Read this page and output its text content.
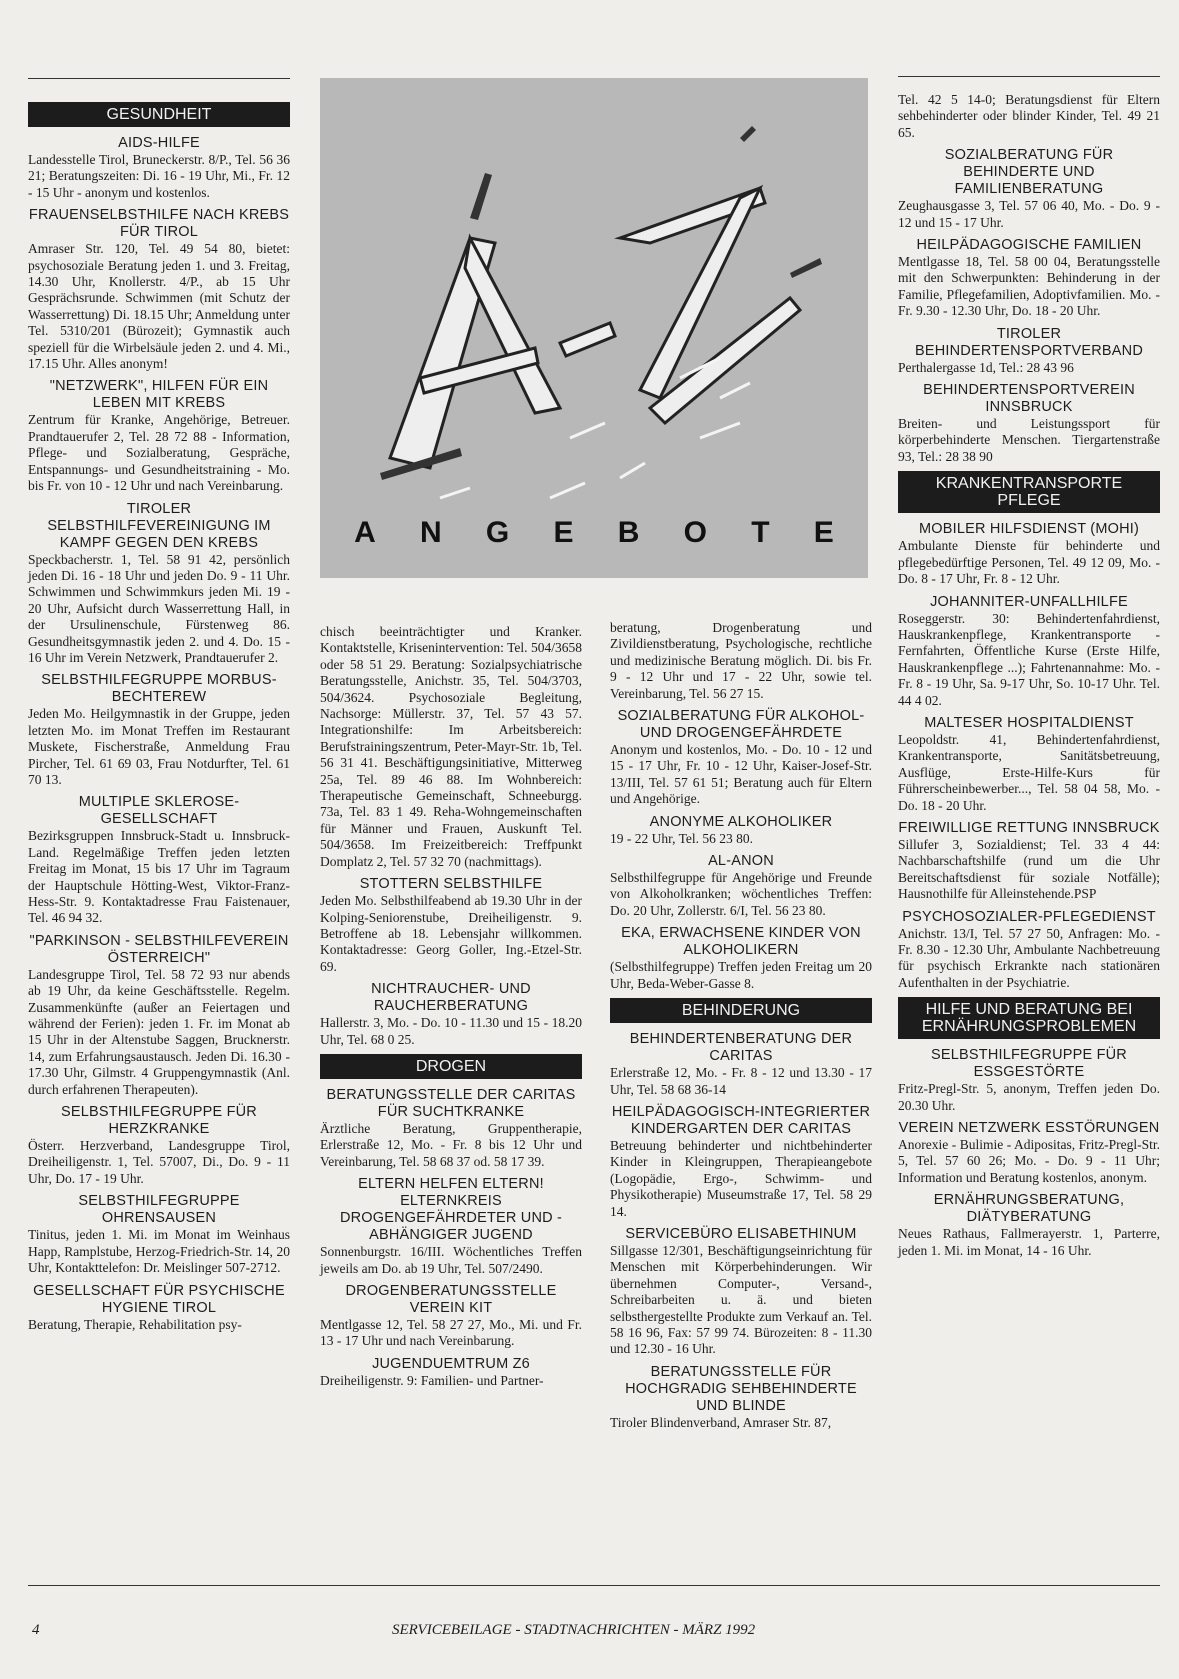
A N G E B O T E
GESUNDHEIT
AIDS-HILFE
Landesstelle Tirol, Bruneckerstr. 8/P., Tel. 56 36 21; Beratungszeiten: Di. 16 - 19 Uhr, Mi., Fr. 12 - 15 Uhr - anonym und kostenlos.
FRAUENSELBSTHILFE NACH KREBS FÜR TIROL
Amraser Str. 120, Tel. 49 54 80, bietet: psychosoziale Beratung jeden 1. und 3. Freitag, 14.30 Uhr, Knollerstr. 4/P., ab 15 Uhr Gesprächsrunde. Schwimmen (mit Schutz der Wasserrettung) Di. 18.15 Uhr; Anmeldung unter Tel. 5310/201 (Bürozeit); Gymnastik auch speziell für die Wirbelsäule jeden 2. und 4. Mi., 17.15 Uhr. Alles anonym!
"NETZWERK", HILFEN FÜR EIN LEBEN MIT KREBS
Zentrum für Kranke, Angehörige, Betreuer. Prandtauerufer 2, Tel. 28 72 88 - Information, Pflege- und Sozialberatung, Gespräche, Entspannungs- und Gesundheitstraining - Mo. bis Fr. von 10 - 12 Uhr und nach Vereinbarung.
TIROLER SELBSTHILFEVEREINIGUNG IM KAMPF GEGEN DEN KREBS
Speckbacherstr. 1, Tel. 58 91 42, persönlich jeden Di. 16 - 18 Uhr und jeden Do. 9 - 11 Uhr. Schwimmen und Schwimmkurs jeden Mi. 19 - 20 Uhr, Aufsicht durch Wasserrettung Hall, in der Ursulinenschule, Fürstenweg 86. Gesundheitsgymnastik jeden 2. und 4. Do. 15 - 16 Uhr im Verein Netzwerk, Prandtauerufer 2.
SELBSTHILFEGRUPPE MORBUS-BECHTEREW
Jeden Mo. Heilgymnastik in der Gruppe, jeden letzten Mo. im Monat Treffen im Restaurant Muskete, Fischerstraße, Anmeldung Frau Pircher, Tel. 61 69 03, Frau Notdurfter, Tel. 61 70 13.
MULTIPLE SKLEROSE-GESELLSCHAFT
Bezirksgruppen Innsbruck-Stadt u. Innsbruck-Land. Regelmäßige Treffen jeden letzten Freitag im Monat, 15 bis 17 Uhr im Tagraum der Hauptschule Hötting-West, Viktor-Franz-Hess-Str. 9. Kontaktadresse Frau Faistenauer, Tel. 46 94 32.
"PARKINSON - SELBSTHILFEVEREIN ÖSTERREICH"
Landesgruppe Tirol, Tel. 58 72 93 nur abends ab 19 Uhr, da keine Geschäftsstelle. Regelm. Zusammenkünfte (außer an Feiertagen und während der Ferien): jeden 1. Fr. im Monat ab 15 Uhr in der Altenstube Saggen, Brucknerstr. 14, zum Erfahrungsaustausch. Jeden Di. 16.30 - 17.30 Uhr, Gilmstr. 4 Gruppengymnastik (Anl. durch erfahrenen Therapeuten).
SELBSTHILFEGRUPPE FÜR HERZKRANKE
Österr. Herzverband, Landesgruppe Tirol, Dreiheiligenstr. 1, Tel. 57007, Di., Do. 9 - 11 Uhr, Do. 17 - 19 Uhr.
SELBSTHILFEGRUPPE OHRENSAUSEN
Tinitus, jeden 1. Mi. im Monat im Weinhaus Happ, Ramplstube, Herzog-Friedrich-Str. 14, 20 Uhr, Kontakttelefon: Dr. Meislinger 507-2712.
GESELLSCHAFT FÜR PSYCHISCHE HYGIENE TIROL
Beratung, Therapie, Rehabilitation psy-
chisch beeinträchtigter und Kranker. Kontaktstelle, Krisenintervention: Tel. 504/3658 oder 58 51 29. Beratung: Sozialpsychiatrische Beratungsstelle, Anichstr. 35, Tel. 504/3703, 504/3624. Psychosoziale Begleitung, Nachsorge: Müllerstr. 37, Tel. 57 43 57. Integrationshilfe: Im Arbeitsbereich: Berufstrainingszentrum, Peter-Mayr-Str. 1b, Tel. 56 31 41. Beschäftigungsinitiative, Mitterweg 25a, Tel. 89 46 88. Im Wohnbereich: Therapeutische Gemeinschaft, Schneeburgg. 73a, Tel. 83 1 49. Reha-Wohngemeinschaften für Männer und Frauen, Auskunft Tel. 504/3658. Im Freizeitbereich: Treffpunkt Domplatz 2, Tel. 57 32 70 (nachmittags).
STOTTERN SELBSTHILFE
Jeden Mo. Selbsthilfeabend ab 19.30 Uhr in der Kolping-Seniorenstube, Dreiheiligenstr. 9. Betroffene ab 18. Lebensjahr willkommen. Kontaktadresse: Georg Goller, Ing.-Etzel-Str. 69.
NICHTRAUCHER- UND RAUCHERBERATUNG
Hallerstr. 3, Mo. - Do. 10 - 11.30 und 15 - 18.20 Uhr, Tel. 68 0 25.
DROGEN
BERATUNGSSTELLE DER CARITAS FÜR SUCHTKRANKE
Ärztliche Beratung, Gruppentherapie, Erlerstraße 12, Mo. - Fr. 8 bis 12 Uhr und Vereinbarung, Tel. 58 68 37 od. 58 17 39.
ELTERN HELFEN ELTERN! ELTERNKREIS DROGENGEFÄHRDETER UND -ABHÄNGIGER JUGEND
Sonnenburgstr. 16/III. Wöchentliches Treffen jeweils am Do. ab 19 Uhr, Tel. 507/2490.
DROGENBERATUNGSSTELLE VEREIN KIT
Mentlgasse 12, Tel. 58 27 27, Mo., Mi. und Fr. 13 - 17 Uhr und nach Vereinbarung.
JUGENDUEMTRUM Z6
Dreiheiligenstr. 9: Familien- und Partner-
beratung, Drogenberatung und Zivildienstberatung, Psychologische, rechtliche und medizinische Beratung möglich. Di. bis Fr. 9 - 12 Uhr und 17 - 22 Uhr, sowie tel. Vereinbarung, Tel. 56 27 15.
SOZIALBERATUNG FÜR ALKOHOL- UND DROGENGEFÄHRDETE
Anonym und kostenlos, Mo. - Do. 10 - 12 und 15 - 17 Uhr, Fr. 10 - 12 Uhr, Kaiser-Josef-Str. 13/III, Tel. 57 61 51; Beratung auch für Eltern und Angehörige.
ANONYME ALKOHOLIKER
19 - 22 Uhr, Tel. 56 23 80.
AL-ANON
Selbsthilfegruppe für Angehörige und Freunde von Alkoholkranken; wöchentliches Treffen: Do. 20 Uhr, Zollerstr. 6/I, Tel. 56 23 80.
EKA, ERWACHSENE KINDER VON ALKOHOLIKERN
(Selbsthilfegruppe) Treffen jeden Freitag um 20 Uhr, Beda-Weber-Gasse 8.
BEHINDERUNG
BEHINDERTENBERATUNG DER CARITAS
Erlerstraße 12, Mo. - Fr. 8 - 12 und 13.30 - 17 Uhr, Tel. 58 68 36-14
HEILPÄDAGOGISCH-INTEGRIERTER KINDERGARTEN DER CARITAS
Betreuung behinderter und nichtbehinderter Kinder in Kleingruppen, Therapieangebote (Logopädie, Ergo-, Schwimm- und Physikotherapie) Museumstraße 17, Tel. 58 29 14.
SERVICEBÜRO ELISABETHINUM
Sillgasse 12/301, Beschäftigungseinrichtung für Menschen mit Körperbehinderungen. Wir übernehmen Computer-, Versand-, Schreibarbeiten u. ä. und bieten selbsthergestellte Produkte zum Verkauf an. Tel. 58 16 96, Fax: 57 99 74. Bürozeiten: 8 - 11.30 und 12.30 - 16 Uhr.
BERATUNGSSTELLE FÜR HOCHGRADIG SEHBEHINDERTE UND BLINDE
Tiroler Blindenverband, Amraser Str. 87,
Tel. 42 5 14-0; Beratungsdienst für Eltern sehbehinderter oder blinder Kinder, Tel. 49 21 65.
SOZIALBERATUNG FÜR BEHINDERTE UND FAMILIENBERATUNG
Zeughausgasse 3, Tel. 57 06 40, Mo. - Do. 9 - 12 und 15 - 17 Uhr.
HEILPÄDAGOGISCHE FAMILIEN
Mentlgasse 18, Tel. 58 00 04, Beratungsstelle mit den Schwerpunkten: Behinderung in der Familie, Pflegefamilien, Adoptivfamilien. Mo. - Fr. 9.30 - 12.30 Uhr, Do. 18 - 20 Uhr.
TIROLER BEHINDERTENSPORTVERBAND
Perthalergasse 1d, Tel.: 28 43 96
BEHINDERTENSPORTVEREIN INNSBRUCK
Breiten- und Leistungssport für körperbehinderte Menschen. Tiergartenstraße 93, Tel.: 28 38 90
KRANKENTRANSPORTE PFLEGE
MOBILER HILFSDIENST (MOHI)
Ambulante Dienste für behinderte und pflegebedürftige Personen, Tel. 49 12 09, Mo. - Do. 8 - 17 Uhr, Fr. 8 - 12 Uhr.
JOHANNITER-UNFALLHILFE
Roseggerstr. 30: Behindertenfahrdienst, Hauskrankenpflege, Krankentransporte - Fernfahrten, Öffentliche Kurse (Erste Hilfe, Hauskrankenpflege ...); Fahrtenannahme: Mo. - Fr. 8 - 19 Uhr, Sa. 9-17 Uhr, So. 10-17 Uhr. Tel. 44 4 02.
MALTESER HOSPITALDIENST
Leopoldstr. 41, Behindertenfahrdienst, Krankentransporte, Sanitätsbetreuung, Ausflüge, Erste-Hilfe-Kurs für Führerscheinbewerber..., Tel. 58 04 58, Mo. - Do. 18 - 20 Uhr.
FREIWILLIGE RETTUNG INNSBRUCK
Sillufer 3, Sozialdienst; Tel. 33 4 44: Nachbarschaftshilfe (rund um die Uhr Bereitschaftsdienst für soziale Notfälle); Hausnothilfe für Alleinstehende.PSP
PSYCHOSOZIALER-PFLEGEDIENST
Anichstr. 13/I, Tel. 57 27 50, Anfragen: Mo. - Fr. 8.30 - 12.30 Uhr, Ambulante Nachbetreuung für psychisch Erkrankte nach stationären Aufenthalten in der Psychiatrie.
HILFE UND BERATUNG BEI ERNÄHRUNGSPROBLEMEN
SELBSTHILFEGRUPPE FÜR ESSGESTÖRTE
Fritz-Pregl-Str. 5, anonym, Treffen jeden Do. 20.30 Uhr.
VEREIN NETZWERK ESSTÖRUNGEN
Anorexie - Bulimie - Adipositas, Fritz-Pregl-Str. 5, Tel. 57 60 26; Mo. - Do. 9 - 11 Uhr; Information und Beratung kostenlos, anonym.
ERNÄHRUNGSBERATUNG, DIÄTYBERATUNG
Neues Rathaus, Fallmerayerstr. 1, Parterre, jeden 1. Mi. im Monat, 14 - 16 Uhr.
4	SERVICEBEILAGE - STADTNACHRICHTEN - MÄRZ 1992
